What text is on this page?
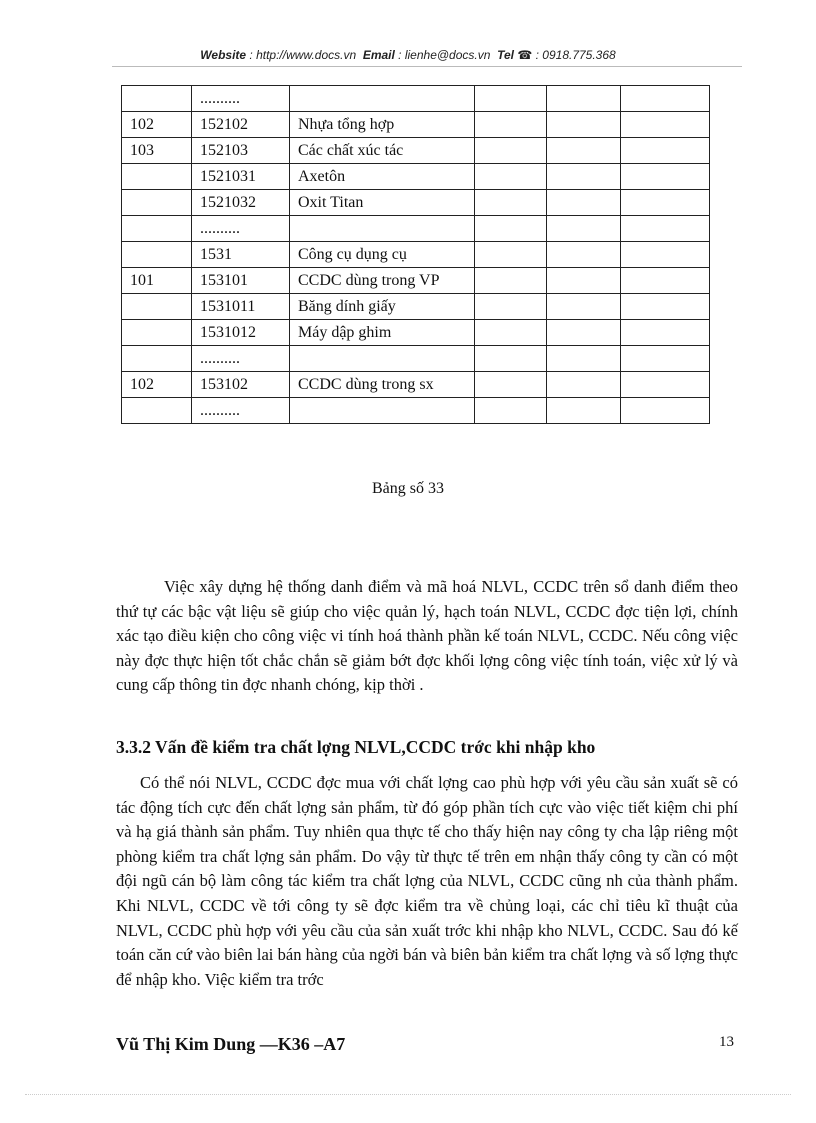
Website : http://www.docs.vn Email : lienhe@docs.vn Tel ☎ : 0918.775.368
	..........				
102	152102	Nhựa tổng hợp			
103	152103	Các chất xúc tác			
	1521031	Axetôn			
	1521032	Oxit Titan			
	..........				
	1531	Công cụ dụng cụ			
101	153101	CCDC dùng trong VP			
	1531011	Băng dính giấy			
	1531012	Máy dập ghim			
	..........				
102	153102	CCDC dùng trong sx			
	..........				
Bảng số 33

Việc xây dựng hệ thống danh điểm và mã hoá NLVL, CCDC trên sổ danh điểm theo thứ tự các bậc vật liệu sẽ giúp cho việc quản lý, hạch toán NLVL, CCDC đợc tiện lợi, chính xác tạo điều kiện cho công việc vi tính hoá thành phần kế toán NLVL, CCDC. Nếu công việc này đợc thực hiện tốt chắc chắn sẽ giảm bớt đợc khối lợng công việc tính toán, việc xử lý và cung cấp thông tin đợc nhanh chóng, kịp thời .

3.3.2 Vấn đề kiểm tra chất lợng NLVL,CCDC trớc khi nhập kho

Có thể nói NLVL, CCDC đợc mua với chất lợng cao phù hợp với yêu cầu sản xuất sẽ có tác động tích cực đến chất lợng sản phẩm, từ đó góp phần tích cực vào việc tiết kiệm chi phí và hạ giá thành sản phẩm. Tuy nhiên qua thực tế cho thấy hiện nay công ty cha lập riêng một phòng kiểm tra chất lợng sản phẩm. Do vậy từ thực tế trên em nhận thấy công ty cần có một đội ngũ cán bộ làm công tác kiểm tra chất lợng của NLVL, CCDC cũng nh của thành phẩm. Khi NLVL, CCDC về tới công ty sẽ đợc kiểm tra về chủng loại, các chỉ tiêu kĩ thuật của NLVL, CCDC phù hợp với yêu cầu của sản xuất trớc khi nhập kho NLVL, CCDC. Sau đó kế toán căn cứ vào biên lai bán hàng của ngời bán và biên bản kiểm tra chất lợng và số lợng thực để nhập kho. Việc kiểm tra trớc

Vũ Thị Kim Dung —K36 –A7	13
